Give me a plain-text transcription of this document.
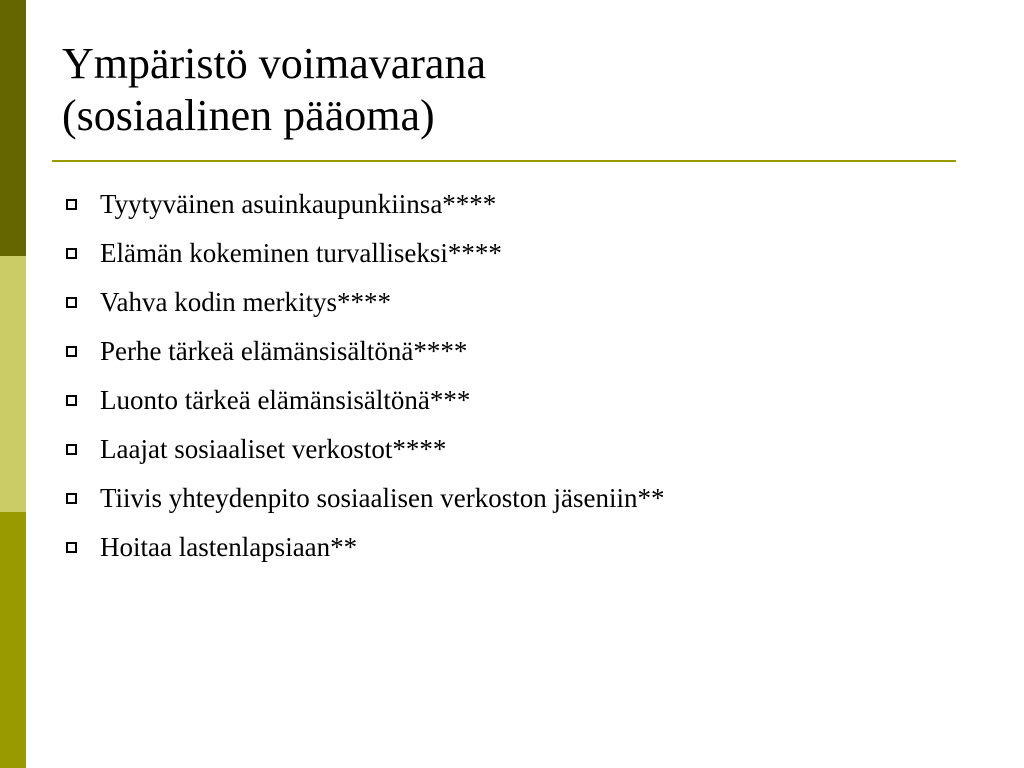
Ympäristö voimavarana
(sosiaalinen pääoma)
Tyytyväinen asuinkaupunkiinsa****
Elämän kokeminen turvalliseksi****
Vahva kodin merkitys****
Perhe tärkeä elämänsisältönä****
Luonto tärkeä elämänsisältönä***
Laajat sosiaaliset verkostot****
Tiivis yhteydenpito sosiaalisen verkoston jäseniin**
Hoitaa lastenlapsiaan**
